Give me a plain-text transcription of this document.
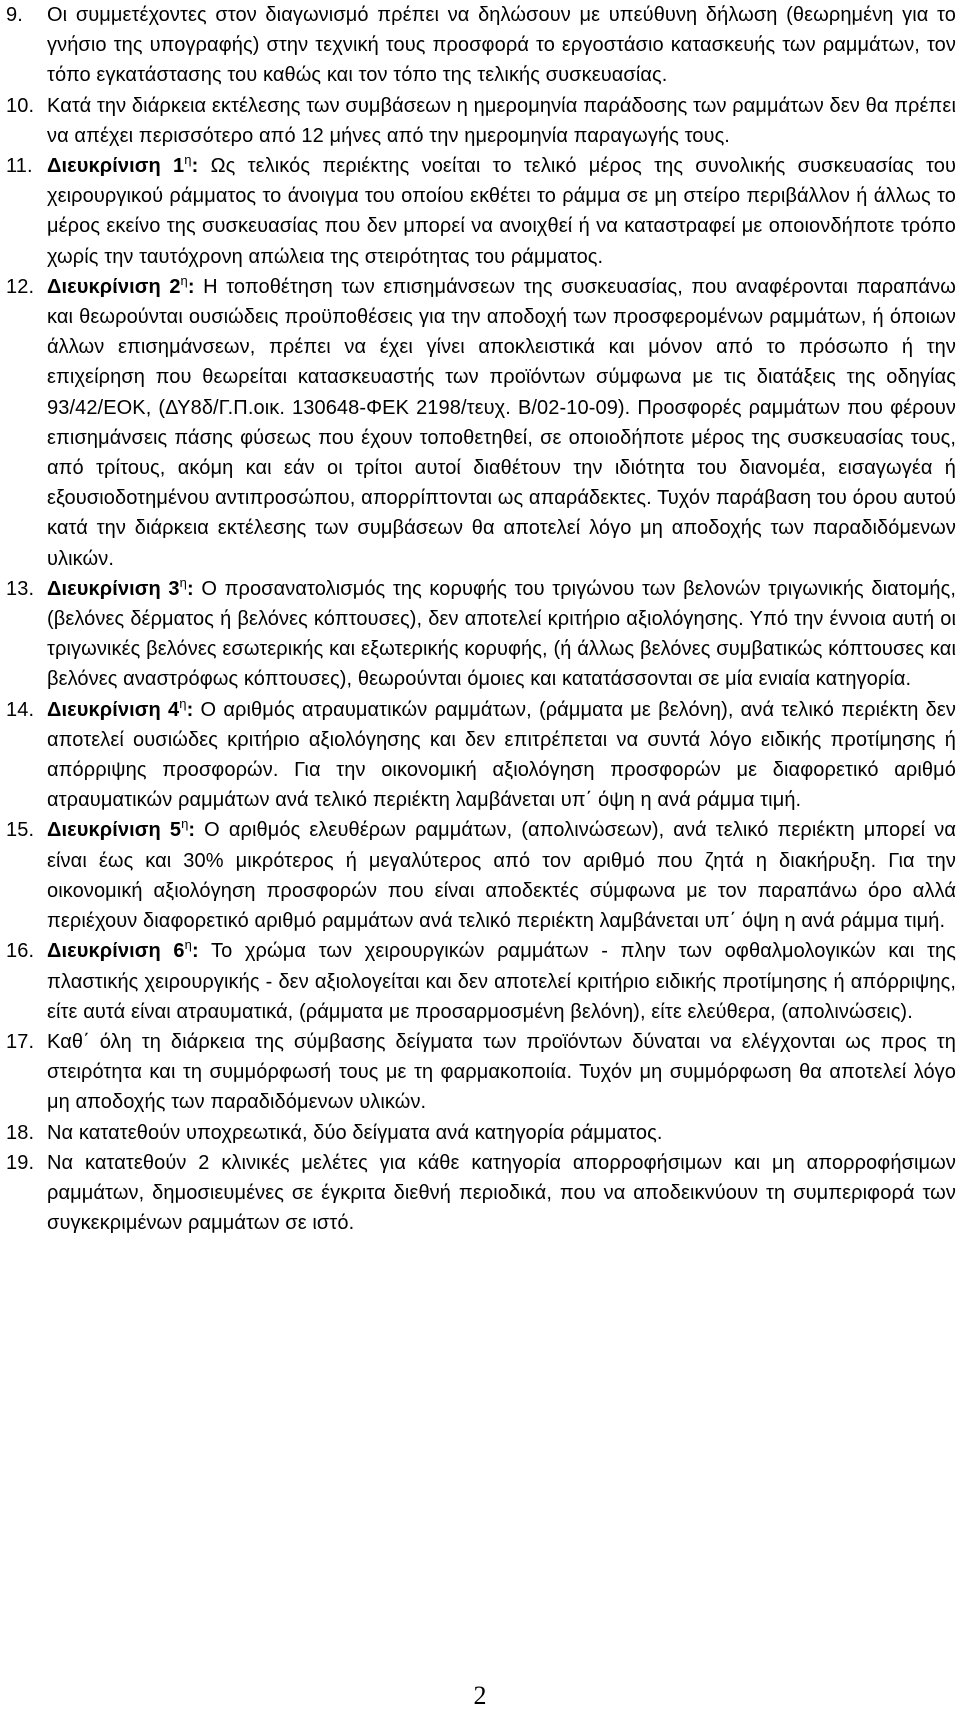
9.	Οι συμμετέχοντες στον διαγωνισμό πρέπει να δηλώσουν με υπεύθυνη δήλωση (θεωρημένη για το γνήσιο της υπογραφής) στην τεχνική τους προσφορά το εργοστάσιο κατασκευής των ραμμάτων, τον τόπο εγκατάστασης του καθώς και τον τόπο της τελικής συσκευασίας.
10. Κατά την διάρκεια εκτέλεσης των συμβάσεων η ημερομηνία παράδοσης των ραμμάτων δεν θα πρέπει να απέχει περισσότερο από 12 μήνες από την ημερομηνία παραγωγής τους.
11. Διευκρίνιση $1^\eta$: Ως τελικός περιέκτης νοείται το τελικό μέρος της συνολικής συσκευασίας του χειρουργικού ράμματος το άνοιγμα του οποίου εκθέτει το ράμμα σε μη στείρο περιβάλλον ή άλλως το μέρος εκείνο της συσκευασίας που δεν μπορεί να ανοιχθεί ή να καταστραφεί με οποιονδήποτε τρόπο χωρίς την ταυτόχρονη απώλεια της στειρότητας του ράμματος.
12. Διευκρίνιση $2^\eta$: Η τοποθέτηση των επισημάνσεων της συσκευασίας, που αναφέρονται παραπάνω και θεωρούνται ουσιώδεις προϋποθέσεις για την αποδοχή των προσφερομένων ραμμάτων, ή όποιων άλλων επισημάνσεων, πρέπει να έχει γίνει αποκλειστικά και μόνον από το πρόσωπο ή την επιχείρηση που θεωρείται κατασκευαστής των προϊόντων σύμφωνα με τις διατάξεις της οδηγίας 93/42/ΕΟΚ, (ΔΥ8δ/Γ.Π.οικ. 130648-ΦΕΚ 2198/τευχ. Β/02-10-09). Προσφορές ραμμάτων που φέρουν επισημάνσεις πάσης φύσεως που έχουν τοποθετηθεί, σε οποιοδήποτε μέρος της συσκευασίας τους, από τρίτους, ακόμη και εάν οι τρίτοι αυτοί διαθέτουν την ιδιότητα του διανομέα, εισαγωγέα ή εξουσιοδοτημένου αντιπροσώπου, απορρίπτονται ως απαράδεκτες. Τυχόν παράβαση του όρου αυτού κατά την διάρκεια εκτέλεσης των συμβάσεων θα αποτελεί λόγο μη αποδοχής των παραδιδόμενων υλικών.
13. Διευκρίνιση $3^\eta$: Ο προσανατολισμός της κορυφής του τριγώνου των βελονών τριγωνικής διατομής, (βελόνες δέρματος ή βελόνες κόπτουσες), δεν αποτελεί κριτήριο αξιολόγησης. Υπό την έννοια αυτή οι τριγωνικές βελόνες εσωτερικής και εξωτερικής κορυφής, (ή άλλως βελόνες συμβατικώς κόπτουσες και βελόνες αναστρόφως κόπτουσες), θεωρούνται όμοιες και κατατάσσονται σε μία ενιαία κατηγορία.
14. Διευκρίνιση $4^\eta$: Ο αριθμός ατραυματικών ραμμάτων, (ράμματα με βελόνη), ανά τελικό περιέκτη δεν αποτελεί ουσιώδες κριτήριο αξιολόγησης και δεν επιτρέπεται να συντά λόγο ειδικής προτίμησης ή απόρριψης προσφορών. Για την οικονομική αξιολόγηση προσφορών με διαφορετικό αριθμό ατραυματικών ραμμάτων ανά τελικό περιέκτη λαμβάνεται υπ΄ όψη η ανά ράμμα τιμή.
15. Διευκρίνιση $5^\eta$: Ο αριθμός ελευθέρων ραμμάτων, (απολινώσεων), ανά τελικό περιέκτη μπορεί να είναι έως και 30% μικρότερος ή μεγαλύτερος από τον αριθμό που ζητά η διακήρυξη. Για την οικονομική αξιολόγηση προσφορών που είναι αποδεκτές σύμφωνα με τον παραπάνω όρο αλλά περιέχουν διαφορετικό αριθμό ραμμάτων ανά τελικό περιέκτη λαμβάνεται υπ΄ όψη η ανά ράμμα τιμή.
16. Διευκρίνιση $6^\eta$: Το χρώμα των χειρουργικών ραμμάτων - πλην των οφθαλμολογικών και της πλαστικής χειρουργικής - δεν αξιολογείται και δεν αποτελεί κριτήριο ειδικής προτίμησης ή απόρριψης, είτε αυτά είναι ατραυματικά, (ράμματα με προσαρμοσμένη βελόνη), είτε ελεύθερα, (απολινώσεις).
17. Καθ΄ όλη τη διάρκεια της σύμβασης δείγματα των προϊόντων δύναται να ελέγχονται ως προς τη στειρότητα και τη συμμόρφωσή τους με τη φαρμακοποιία. Τυχόν μη συμμόρφωση θα αποτελεί λόγο μη αποδοχής των παραδιδόμενων υλικών.
18. Να κατατεθούν υποχρεωτικά, δύο δείγματα ανά κατηγορία ράμματος.
19. Να κατατεθούν 2 κλινικές μελέτες για κάθε κατηγορία απορροφήσιμων και μη απορροφήσιμων ραμμάτων, δημοσιευμένες σε έγκριτα διεθνή περιοδικά, που να αποδεικνύουν τη συμπεριφορά των συγκεκριμένων ραμμάτων σε ιστό.
2
